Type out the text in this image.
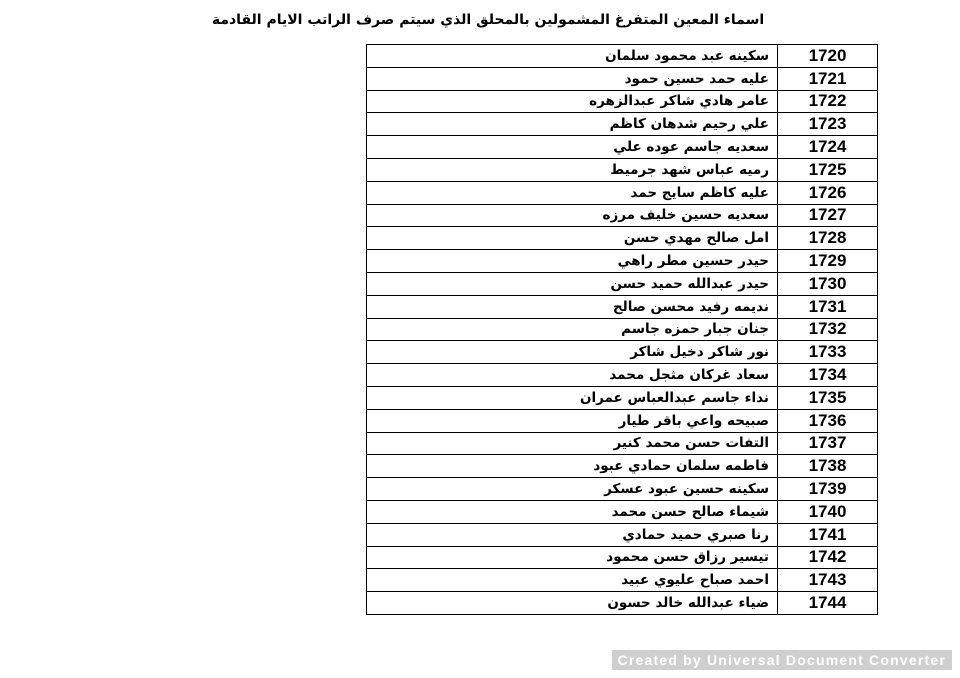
اسماء المعين المتفرغ المشمولين بالمحلق الذي سيتم صرف الراتب الايام القادمة
1720	سكينه عبد محمود سلمان
1721	عليه حمد حسين حمود
1722	عامر هادي شاكر عبدالزهره
1723	علي رحيم شدهان كاظم
1724	سعديه جاسم عوده علي
1725	رميه عباس شهد جرميط
1726	عليه كاظم سايج حمد
1727	سعديه حسين خليف مرزه
1728	امل صالح مهدي حسن
1729	حيدر حسين مطر راهي
1730	حيدر عبدالله حميد حسن
1731	نديمه رفيد محسن صالح
1732	جنان جبار حمزه جاسم
1733	نور شاكر دخيل شاكر
1734	سعاد غركان مثجل محمد
1735	نداء جاسم عبدالعباس عمران
1736	صبيحه واعي باقر طيار
1737	التفات حسن محمد كنير
1738	فاطمه سلمان حمادي عبود
1739	سكينه حسين عبود عسكر
1740	شيماء صالح حسن محمد
1741	رنا صبري حميد حمادي
1742	تيسير رزاق حسن محمود
1743	احمد صباح عليوي عبيد
1744	ضياء عبدالله خالد حسون
Created by Universal Document Converter
